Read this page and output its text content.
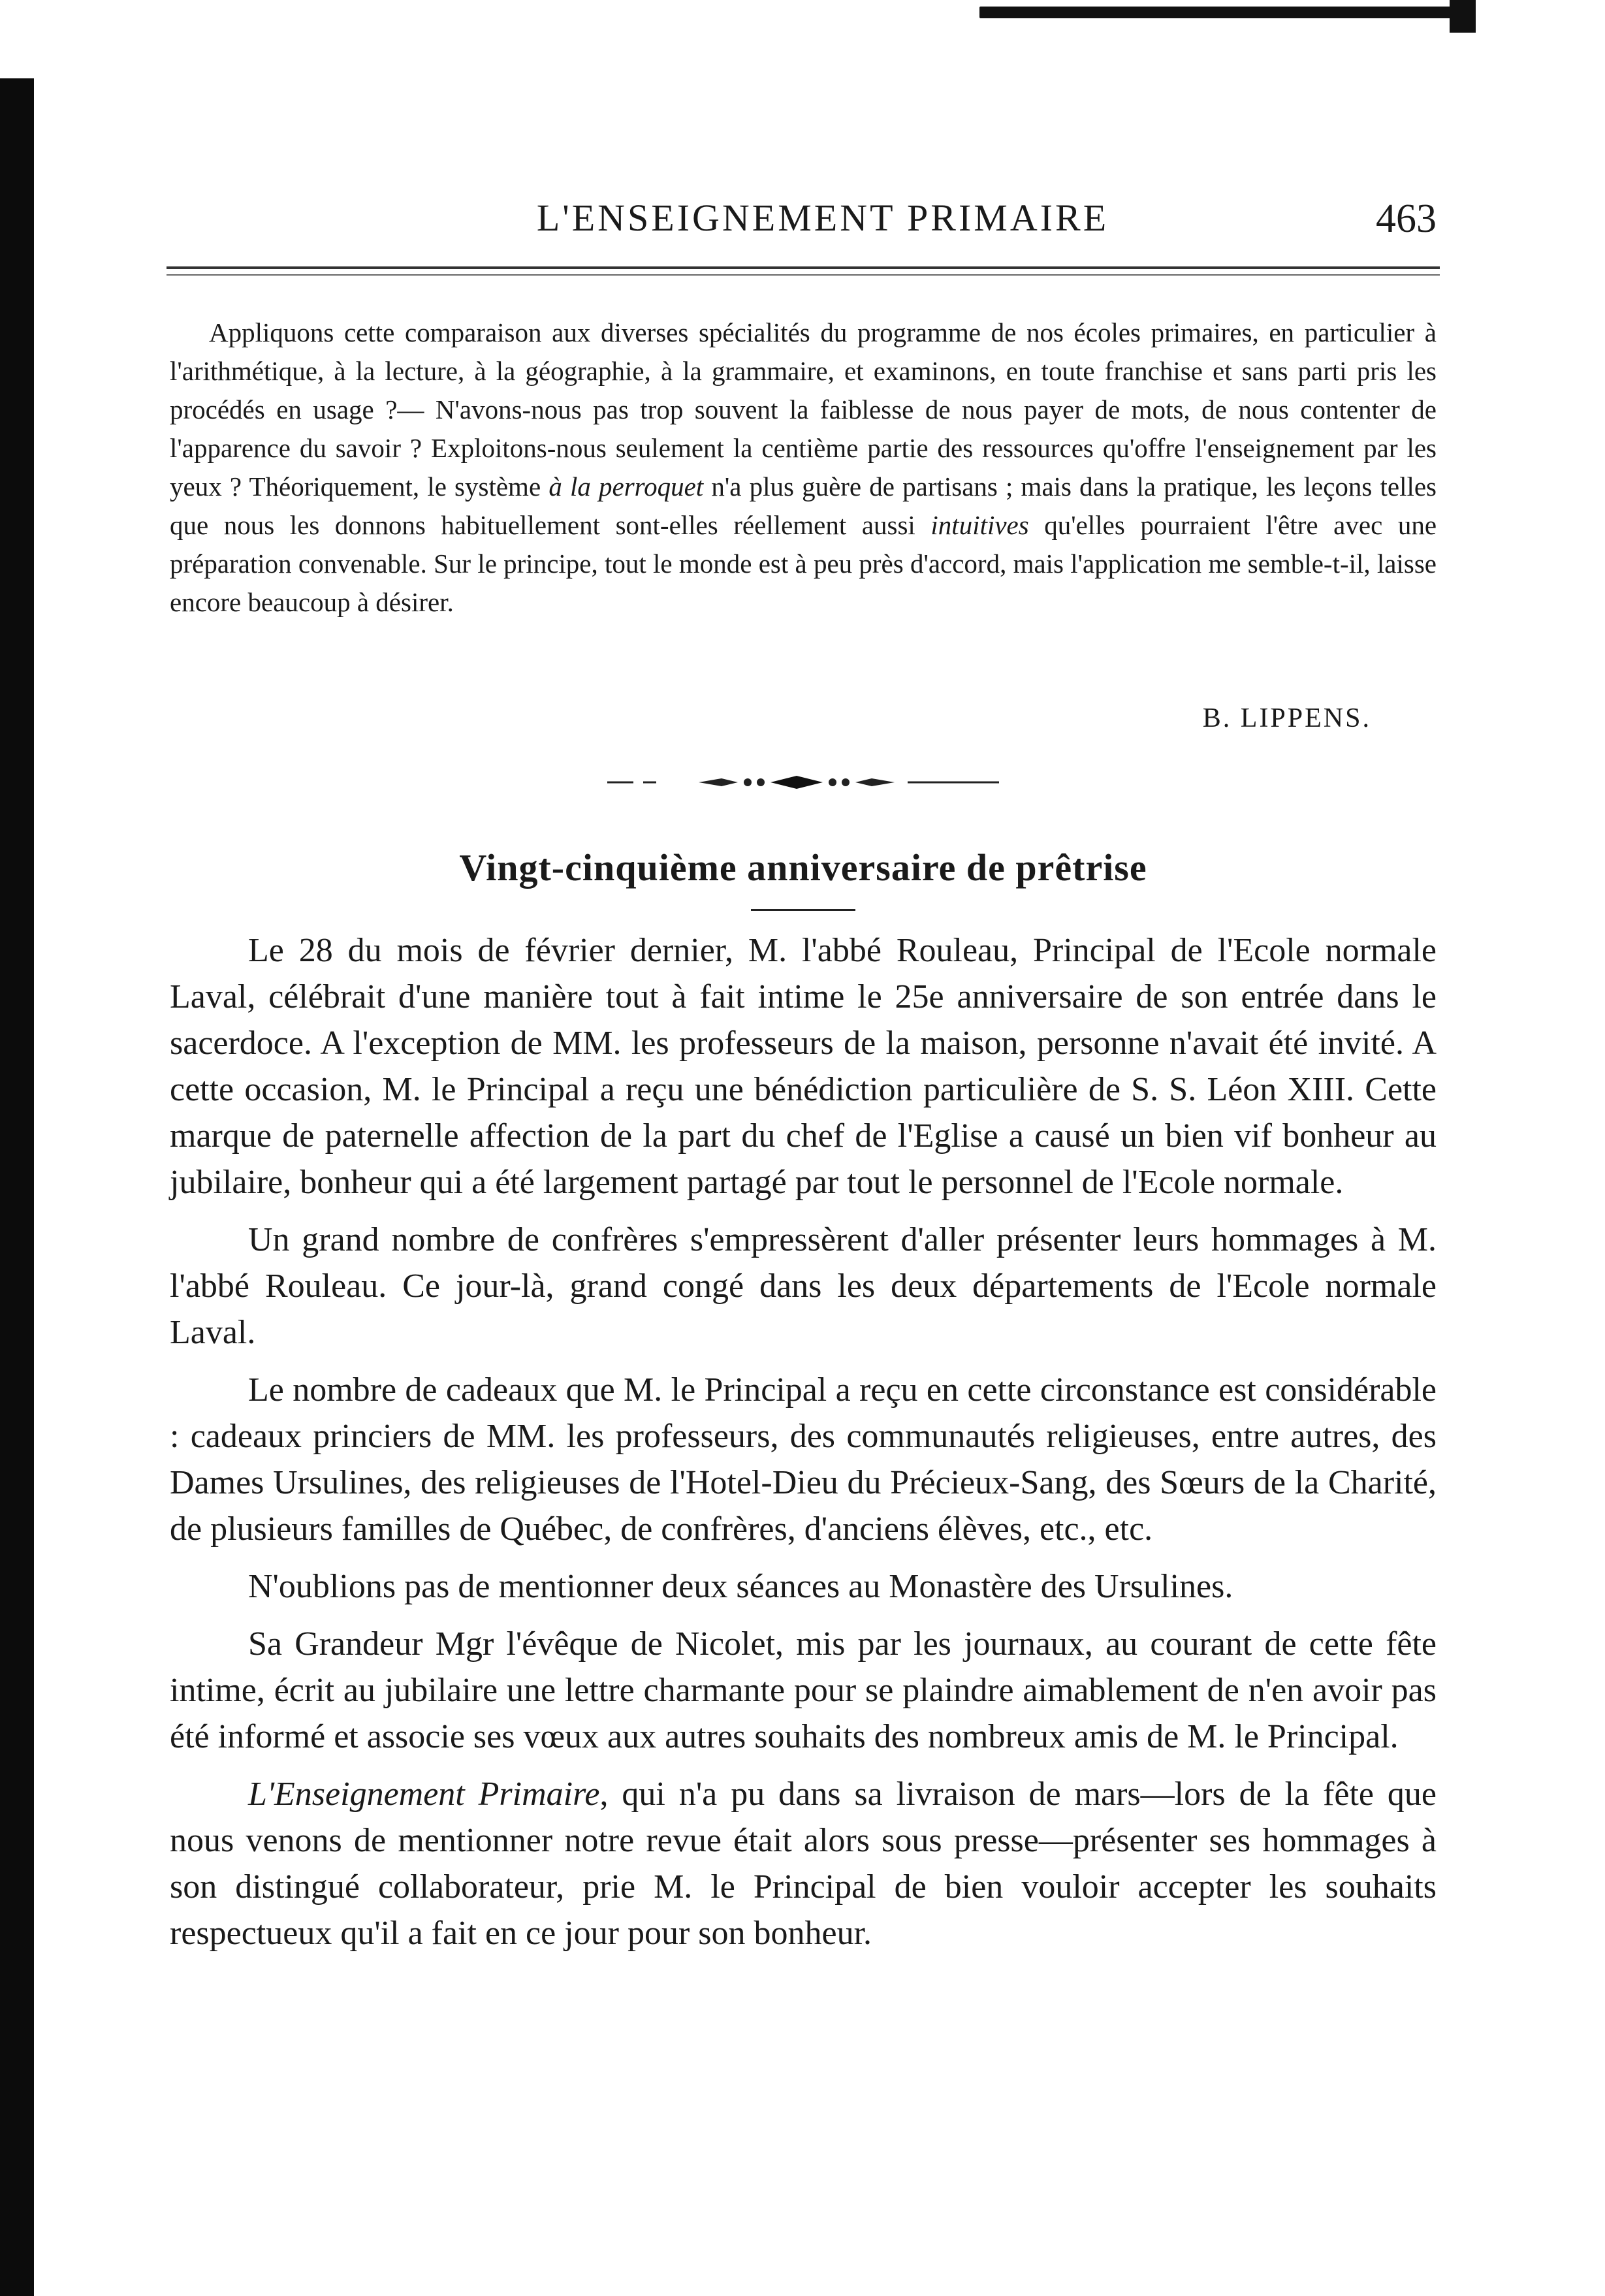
L'ENSEIGNEMENT PRIMAIRE	463
Appliquons cette comparaison aux diverses spécialités du programme de nos écoles primaires, en particulier à l'arithmétique, à la lecture, à la géographie, à la grammaire, et examinons, en toute franchise et sans parti pris les procédés en usage ?— N'avons-nous pas trop souvent la faiblesse de nous payer de mots, de nous contenter de l'apparence du savoir ? Exploitons-nous seulement la centième partie des ressources qu'offre l'enseignement par les yeux ? Théoriquement, le système à la perroquet n'a plus guère de partisans ; mais dans la pratique, les leçons telles que nous les donnons habituellement sont-elles réellement aussi intuitives qu'elles pourraient l'être avec une préparation convenable. Sur le principe, tout le monde est à peu près d'accord, mais l'application me semble-t-il, laisse encore beaucoup à désirer.
B. LIPPENS.
Vingt-cinquième anniversaire de prêtrise

Le 28 du mois de février dernier, M. l'abbé Rouleau, Principal de l'Ecole normale Laval, célébrait d'une manière tout à fait intime le 25e anniversaire de son entrée dans le sacerdoce. A l'exception de MM. les professeurs de la maison, personne n'avait été invité. A cette occasion, M. le Principal a reçu une bénédiction particulière de S. S. Léon XIII. Cette marque de paternelle affection de la part du chef de l'Eglise a causé un bien vif bonheur au jubilaire, bonheur qui a été largement partagé par tout le personnel de l'Ecole normale.

Un grand nombre de confrères s'empressèrent d'aller présenter leurs hommages à M. l'abbé Rouleau. Ce jour-là, grand congé dans les deux départements de l'Ecole normale Laval.

Le nombre de cadeaux que M. le Principal a reçu en cette circonstance est considérable : cadeaux princiers de MM. les professeurs, des communautés religieuses, entre autres, des Dames Ursulines, des religieuses de l'Hotel-Dieu du Précieux-Sang, des Sœurs de la Charité, de plusieurs familles de Québec, de confrères, d'anciens élèves, etc., etc.

N'oublions pas de mentionner deux séances au Monastère des Ursulines.

Sa Grandeur Mgr l'évêque de Nicolet, mis par les journaux, au courant de cette fête intime, écrit au jubilaire une lettre charmante pour se plaindre aimablement de n'en avoir pas été informé et associe ses vœux aux autres souhaits des nombreux amis de M. le Principal.

L'Enseignement Primaire, qui n'a pu dans sa livraison de mars—lors de la fête que nous venons de mentionner notre revue était alors sous presse—présenter ses hommages à son distingué collaborateur, prie M. le Principal de bien vouloir accepter les souhaits respectueux qu'il a fait en ce jour pour son bonheur.
